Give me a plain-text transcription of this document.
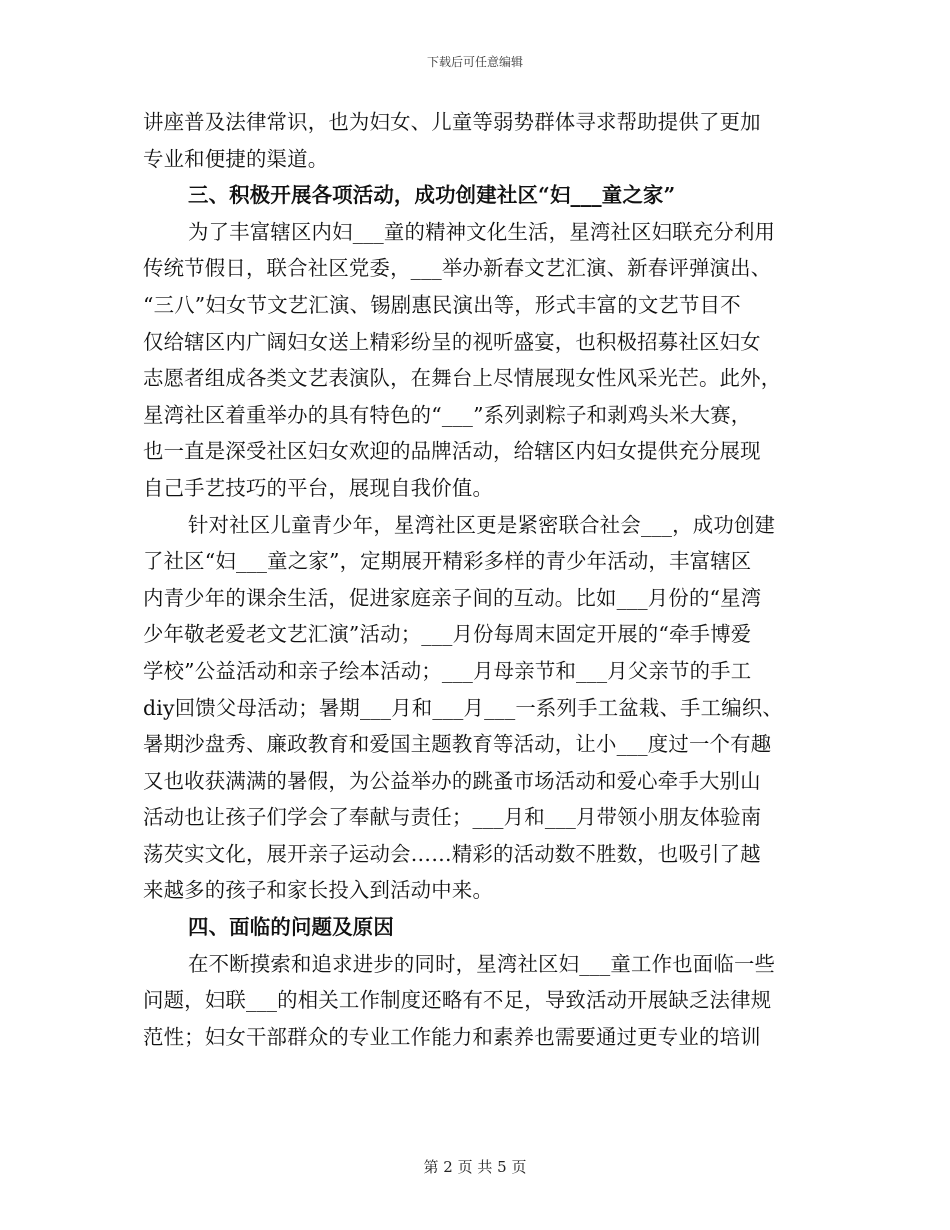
下载后可任意编辑
讲座普及法律常识，也为妇女、儿童等弱势群体寻求帮助提供了更加
专业和便捷的渠道。
三、积极开展各项活动，成功创建社区“妇___童之家”
为了丰富辖区内妇___童的精神文化生活，星湾社区妇联充分利用
传统节假日，联合社区党委，___举办新春文艺汇演、新春评弹演出、
“三八”妇女节文艺汇演、锡剧惠民演出等，形式丰富的文艺节目不
仅给辖区内广阔妇女送上精彩纷呈的视听盛宴，也积极招募社区妇女
志愿者组成各类文艺表演队，在舞台上尽情展现女性风采光芒。此外，
星湾社区着重举办的具有特色的“___”系列剥粽子和剥鸡头米大赛，
也一直是深受社区妇女欢迎的品牌活动，给辖区内妇女提供充分展现
自己手艺技巧的平台，展现自我价值。
针对社区儿童青少年，星湾社区更是紧密联合社会___，成功创建
了社区“妇___童之家”，定期展开精彩多样的青少年活动，丰富辖区
内青少年的课余生活，促进家庭亲子间的互动。比如___月份的“星湾
少年敬老爱老文艺汇演”活动；___月份每周末固定开展的“牵手博爱
学校”公益活动和亲子绘本活动；___月母亲节和___月父亲节的手工
diy回馈父母活动；暑期___月和___月___一系列手工盆栽、手工编织、
暑期沙盘秀、廉政教育和爱国主题教育等活动，让小___度过一个有趣
又也收获满满的暑假，为公益举办的跳蚤市场活动和爱心牵手大别山
活动也让孩子们学会了奉献与责任；___月和___月带领小朋友体验南
荡芡实文化，展开亲子运动会……精彩的活动数不胜数，也吸引了越
来越多的孩子和家长投入到活动中来。
四、面临的问题及原因
在不断摸索和追求进步的同时，星湾社区妇___童工作也面临一些
问题，妇联___的相关工作制度还略有不足，导致活动开展缺乏法律规
范性；妇女干部群众的专业工作能力和素养也需要通过更专业的培训
第 2 页 共 5 页
